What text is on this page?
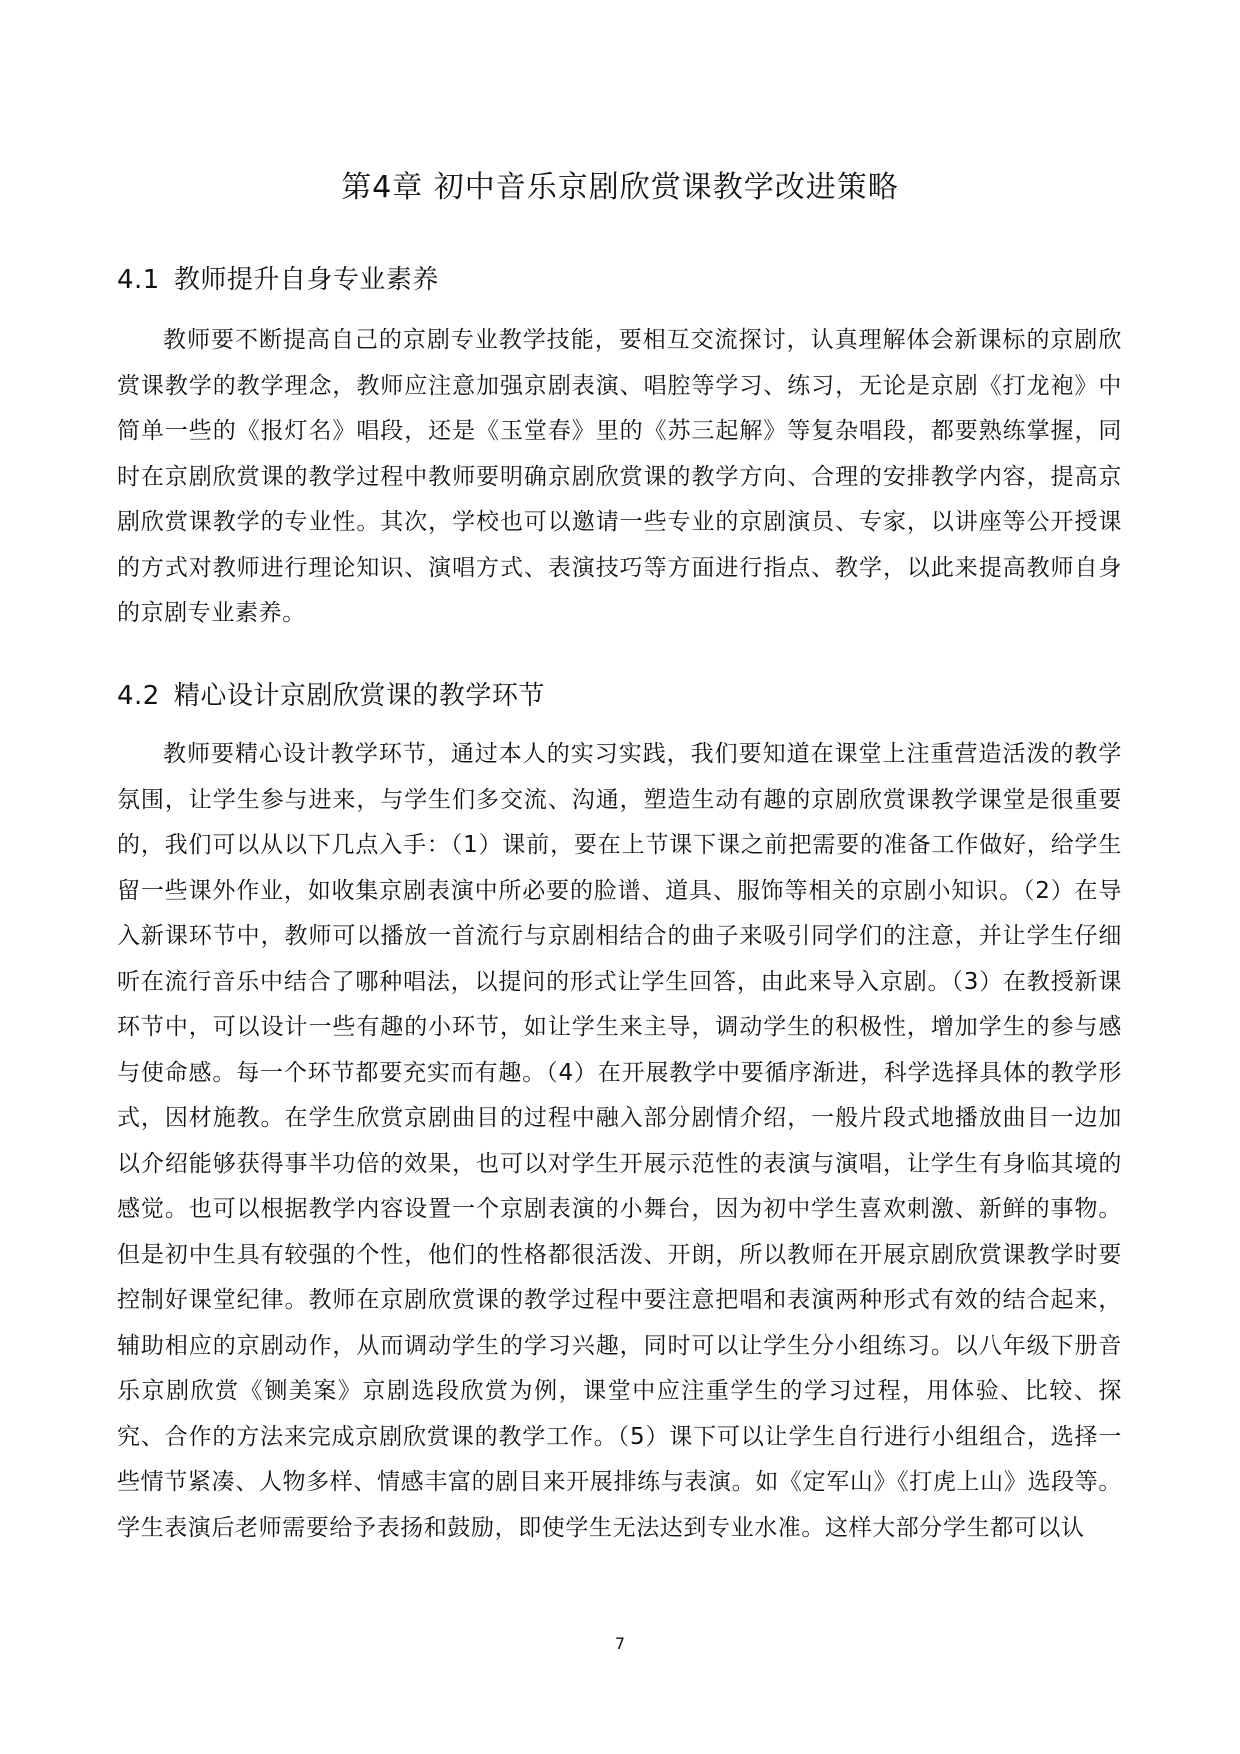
第4章 初中音乐京剧欣赏课教学改进策略
4.1 教师提升自身专业素养

教师要不断提高自己的京剧专业教学技能，要相互交流探讨，认真理解体会新课标的京剧欣赏课教学的教学理念，教师应注意加强京剧表演、唱腔等学习、练习，无论是京剧《打龙袍》中简单一些的《报灯名》唱段，还是《玉堂春》里的《苏三起解》等复杂唱段，都要熟练掌握，同时在京剧欣赏课的教学过程中教师要明确京剧欣赏课的教学方向、合理的安排教学内容，提高京剧欣赏课教学的专业性。其次，学校也可以邀请一些专业的京剧演员、专家，以讲座等公开授课的方式对教师进行理论知识、演唱方式、表演技巧等方面进行指点、教学，以此来提高教师自身的京剧专业素养。

4.2 精心设计京剧欣赏课的教学环节

教师要精心设计教学环节，通过本人的实习实践，我们要知道在课堂上注重营造活泼的教学氛围，让学生参与进来，与学生们多交流、沟通，塑造生动有趣的京剧欣赏课教学课堂是很重要的，我们可以从以下几点入手：（1）课前，要在上节课下课之前把需要的准备工作做好，给学生留一些课外作业，如收集京剧表演中所必要的脸谱、道具、服饰等相关的京剧小知识。（2）在导入新课环节中，教师可以播放一首流行与京剧相结合的曲子来吸引同学们的注意，并让学生仔细听在流行音乐中结合了哪种唱法，以提问的形式让学生回答，由此来导入京剧。（3）在教授新课环节中，可以设计一些有趣的小环节，如让学生来主导，调动学生的积极性，增加学生的参与感与使命感。每一个环节都要充实而有趣。（4）在开展教学中要循序渐进，科学选择具体的教学形式，因材施教。在学生欣赏京剧曲目的过程中融入部分剧情介绍，一般片段式地播放曲目一边加以介绍能够获得事半功倍的效果，也可以对学生开展示范性的表演与演唱，让学生有身临其境的感觉。也可以根据教学内容设置一个京剧表演的小舞台，因为初中学生喜欢刺激、新鲜的事物。但是初中生具有较强的个性，他们的性格都很活泼、开朗，所以教师在开展京剧欣赏课教学时要控制好课堂纪律。教师在京剧欣赏课的教学过程中要注意把唱和表演两种形式有效的结合起来，辅助相应的京剧动作，从而调动学生的学习兴趣，同时可以让学生分小组练习。以八年级下册音乐京剧欣赏《铡美案》京剧选段欣赏为例，课堂中应注重学生的学习过程，用体验、比较、探究、合作的方法来完成京剧欣赏课的教学工作。（5）课下可以让学生自行进行小组组合，选择一些情节紧凑、人物多样、情感丰富的剧目来开展排练与表演。如《定军山》《打虎上山》选段等。学生表演后老师需要给予表扬和鼓励，即使学生无法达到专业水准。这样大部分学生都可以认

7
